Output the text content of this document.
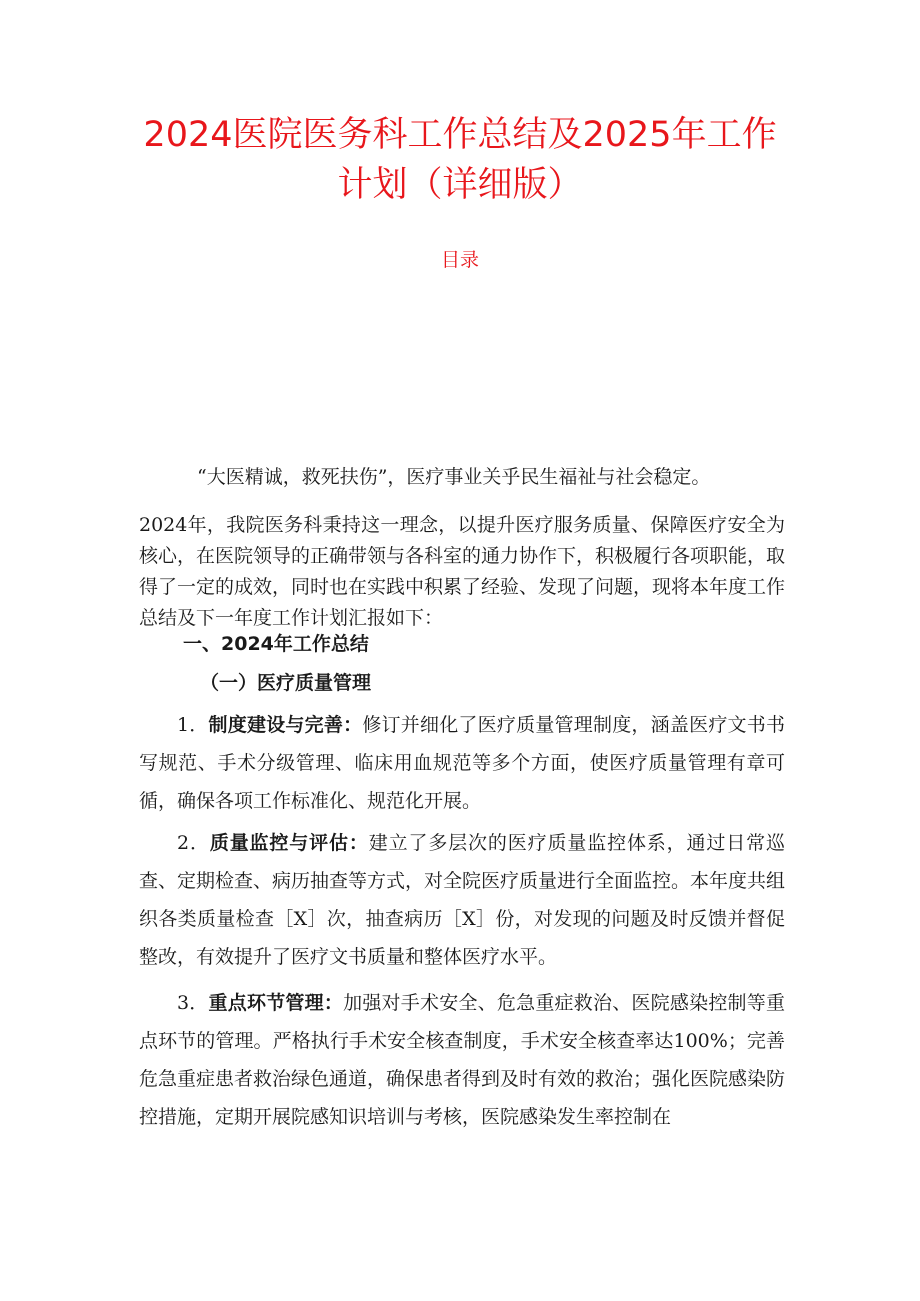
2024医院医务科工作总结及2025年工作计划（详细版）
目录
“大医精诚，救死扶伤”，医疗事业关乎民生福祉与社会稳定。
2024年，我院医务科秉持这一理念，以提升医疗服务质量、保障医疗安全为核心，在医院领导的正确带领与各科室的通力协作下，积极履行各项职能，取得了一定的成效，同时也在实践中积累了经验、发现了问题，现将本年度工作总结及下一年度工作计划汇报如下：
一、2024年工作总结
（一）医疗质量管理
1．制度建设与完善：修订并细化了医疗质量管理制度，涵盖医疗文书书写规范、手术分级管理、临床用血规范等多个方面，使医疗质量管理有章可循，确保各项工作标准化、规范化开展。
2．质量监控与评估：建立了多层次的医疗质量监控体系，通过日常巡查、定期检查、病历抽查等方式，对全院医疗质量进行全面监控。本年度共组织各类质量检查［X］次，抽查病历［X］份，对发现的问题及时反馈并督促整改，有效提升了医疗文书质量和整体医疗水平。
3．重点环节管理：加强对手术安全、危急重症救治、医院感染控制等重点环节的管理。严格执行手术安全核查制度，手术安全核查率达100%；完善危急重症患者救治绿色通道，确保患者得到及时有效的救治；强化医院感染防控措施，定期开展院感知识培训与考核，医院感染发生率控制在
